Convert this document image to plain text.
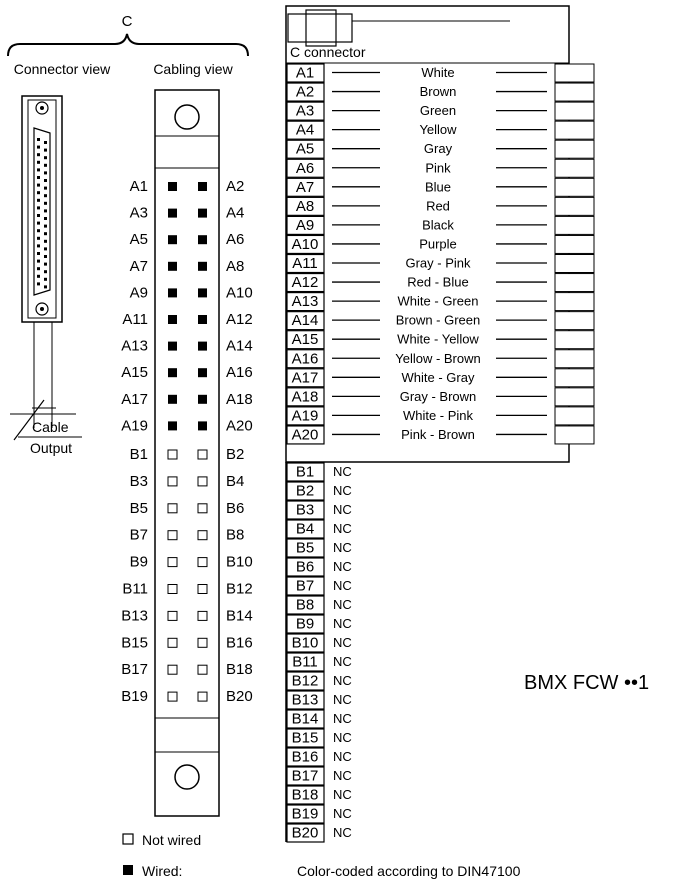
C
Connector view	Cabling view
Cable
Output
A1	A2
B1	B2
A3	A4
B3	B4
A5	A6
B5	B6
A7	A8
B7	B8
A9	A10
B9	B10
A11	A12
B11	B12
A13	A14
B13	B14
A15	A16
B15	B16
A17	A18
B17	B18
A19	A20
B19	B20
C connector
A1	White
A2	Brown
A3	Green
A4	Yellow
A5	Gray
A6	Pink
A7	Blue
A8	Red
A9	Black
A10	Purple
A11	Gray - Pink
A12	Red - Blue
A13	White - Green
A14	Brown - Green
A15	White - Yellow
A16	Yellow - Brown
A17	White - Gray
A18	Gray - Brown
A19	White - Pink
A20	Pink - Brown
B1 NC
B2 NC
B3 NC
B4 NC
B5 NC
B6 NC
B7 NC
B8 NC
B9 NC
B10 NC
B11 NC
B12 NC
B13 NC
B14 NC
B15 NC
B16 NC
B17 NC
B18 NC
B19 NC
B20 NC
BMX FCW ••1
Not wired
Wired:	Color-coded according to DIN47100
